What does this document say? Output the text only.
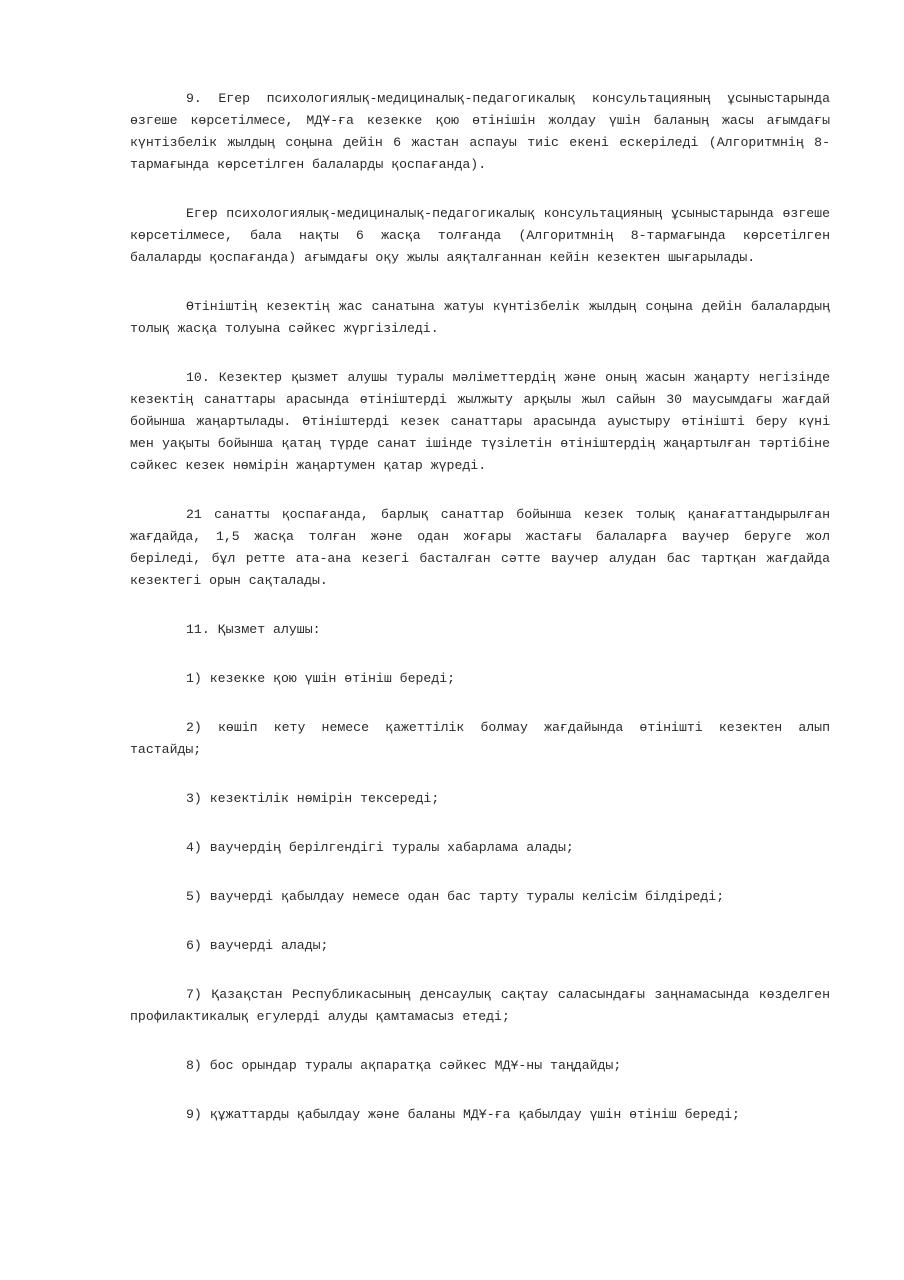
9. Егер психологиялық-медициналық-педагогикалық консультацияның ұсыныстарында өзгеше көрсетілмесе, МДҰ-ға кезекке қою өтінішін жолдау үшін баланың жасы ағымдағы күнтізбелік жылдың соңына дейін 6 жастан аспауы тиіс екені ескеріледі (Алгоритмнің 8-тармағында көрсетілген балаларды қоспағанда).

Егер психологиялық-медициналық-педагогикалық консультацияның ұсыныстарында өзгеше көрсетілмесе, бала нақты 6 жасқа толғанда (Алгоритмнің 8-тармағында көрсетілген балаларды қоспағанда) ағымдағы оқу жылы аяқталғаннан кейін кезектен шығарылады.

Өтініштің кезектің жас санатына жатуы күнтізбелік жылдың соңына дейін балалардың толық жасқа толуына сәйкес жүргізіледі.

10. Кезектер қызмет алушы туралы мәліметтердің және оның жасын жаңарту негізінде кезектің санаттары арасында өтініштерді жылжыту арқылы жыл сайын 30 маусымдағы жағдай бойынша жаңартылады. Өтініштерді кезек санаттары арасында ауыстыру өтінішті беру күні мен уақыты бойынша қатаң түрде санат ішінде түзілетін өтініштердің жаңартылған тәртібіне сәйкес кезек нөмірін жаңартумен қатар жүреді.

21 санатты қоспағанда, барлық санаттар бойынша кезек толық қанағаттандырылған жағдайда, 1,5 жасқа толған және одан жоғары жастағы балаларға ваучер беруге жол беріледі, бұл ретте ата-ана кезегі басталған сәтте ваучер алудан бас тартқан жағдайда кезектегі орын сақталады.

11. Қызмет алушы:

1) кезекке қою үшін өтініш береді;

2) көшіп кету немесе қажеттілік болмау жағдайында өтінішті кезектен алып тастайды;

3) кезектілік нөмірін тексереді;

4) ваучердің берілгендігі туралы хабарлама алады;

5) ваучерді қабылдау немесе одан бас тарту туралы келісім білдіреді;

6) ваучерді алады;

7) Қазақстан Республикасының денсаулық сақтау саласындағы заңнамасында көзделген профилактикалық егулерді алуды қамтамасыз етеді;

8) бос орындар туралы ақпаратқа сәйкес МДҰ-ны таңдайды;

9) құжаттарды қабылдау және баланы МДҰ-ға қабылдау үшін өтініш береді;
